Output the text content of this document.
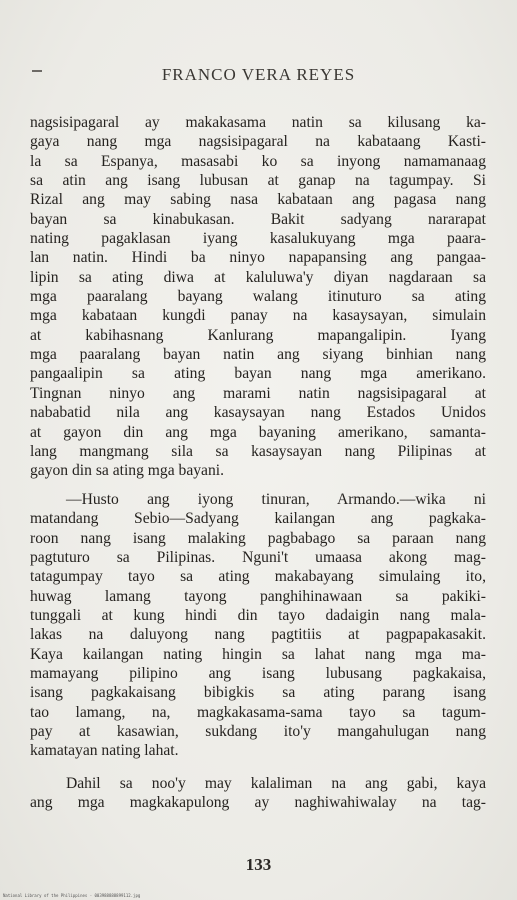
FRANCO VERA REYES
nagsisipagaral ay makakasama natin sa kilusang ka-
gaya nang mga nagsisipagaral na kabataang Kasti-
la sa Espanya, masasabi ko sa inyong namamanaag
sa atin ang isang lubusan at ganap na tagumpay. Si
Rizal ang may sabing nasa kabataan ang pagasa nang
bayan sa kinabukasan. Bakit sadyang nararapat
nating pagaklasan iyang kasalukuyang mga paara-
lan natin. Hindi ba ninyo napapansing ang pangaa-
lipin sa ating diwa at kaluluwa'y diyan nagdaraan sa
mga paaralang bayang walang itinuturo sa ating
mga kabataan kungdi panay na kasaysayan, simulain
at kabihasnang Kanlurang mapangalipin. Iyang
mga paaralang bayan natin ang siyang binhian nang
pangaalipin sa ating bayan nang mga amerikano.
Tingnan ninyo ang marami natin nagsisipagaral at
nababatid nila ang kasaysayan nang Estados Unidos
at gayon din ang mga bayaning amerikano, samanta-
lang mangmang sila sa kasaysayan nang Pilipinas at
gayon din sa ating mga bayani.
—Husto ang iyong tinuran, Armando.—wika ni
matandang Sebio—Sadyang kailangan ang pagkaka-
roon nang isang malaking pagbabago sa paraan nang
pagtuturo sa Pilipinas. Nguni't umaasa akong mag-
tatagumpay tayo sa ating makabayang simulaing ito,
huwag lamang tayong panghihinawaan sa pakiki-
tunggali at kung hindi din tayo dadaigin nang mala-
lakas na daluyong nang pagtitiis at pagpapakasakit.
Kaya kailangan nating hingin sa lahat nang mga ma-
mamayang pilipino ang isang lubusang pagkakaisa,
isang pagkakaisang bibigkis sa ating parang isang
tao lamang, na, magkakasama-sama tayo sa tagum-
pay at kasawian, sukdang ito'y mangahulugan nang
kamatayan nating lahat.
Dahil sa noo'y may kalaliman na ang gabi, kaya
ang mga magkakapulong ay naghiwahiwalay na tag-
133
National Library of the Philippines · 003988888899112.jpg
